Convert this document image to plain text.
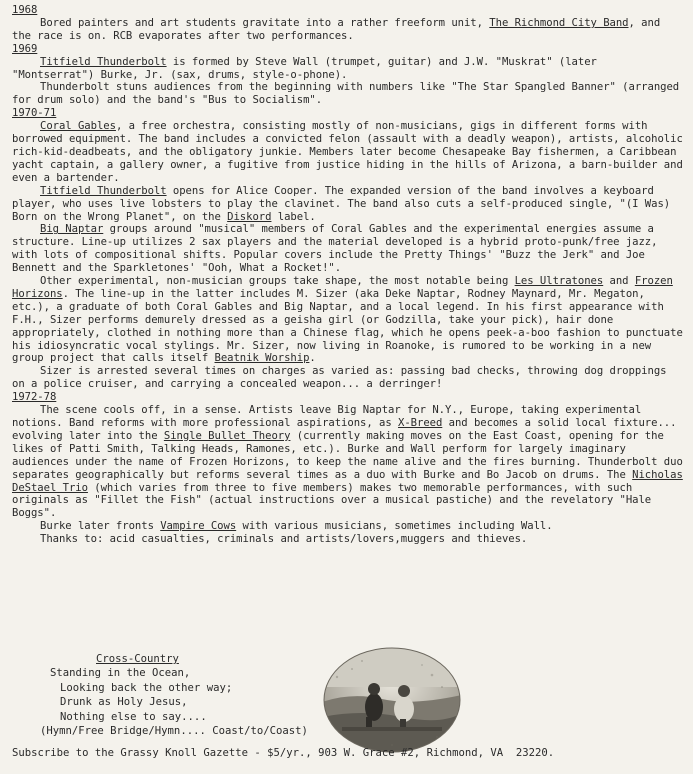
1968

Bored painters and art students gravitate into a rather freeform unit, The Richmond City Band, and the race is on. RCB evaporates after two performances.

1969

Titfield Thunderbolt is formed by Steve Wall (trumpet, guitar) and J.W. "Muskrat" (later "Montserrat") Burke, Jr. (sax, drums, style-o-phone).

Thunderbolt stuns audiences from the beginning with numbers like "The Star Spangled Banner" (arranged for drum solo) and the band's "Bus to Socialism".

1970-71

Coral Gables, a free orchestra, consisting mostly of non-musicians, gigs in different forms with borrowed equipment. The band includes a convicted felon (assault with a deadly weapon), artists, alcoholic rich-kid-deadbeats, and the obligatory junkie. Members later become Chesapeake Bay fishermen, a Caribbean yacht captain, a gallery owner, a fugitive from justice hiding in the hills of Arizona, a barn-builder and even a bartender.

Titfield Thunderbolt opens for Alice Cooper. The expanded version of the band involves a keyboard player, who uses live lobsters to play the clavinet. The band also cuts a self-produced single, "(I Was) Born on the Wrong Planet", on the Diskord label.

Big Naptar groups around "musical" members of Coral Gables and the experimental energies assume a structure. Line-up utilizes 2 sax players and the material developed is a hybrid proto-punk/free jazz, with lots of compositional shifts. Popular covers include the Pretty Things' "Buzz the Jerk" and Joe Bennett and the Sparkletones' "Ooh, What a Rocket!".

Other experimental, non-musician groups take shape, the most notable being Les Ultratones and Frozen Horizons. The line-up in the latter includes M. Sizer (aka Deke Naptar, Rodney Maynard, Mr. Megaton, etc.), a graduate of both Coral Gables and Big Naptar, and a local legend. In his first appearance with F.H., Sizer performs demurely dressed as a geisha girl (or Godzilla, take your pick), hair done appropriately, clothed in nothing more than a Chinese flag, which he opens peek-a-boo fashion to punctuate his idiosyncratic vocal stylings. Mr. Sizer, now living in Roanoke, is rumored to be working in a new group project that calls itself Beatnik Worship.

Sizer is arrested several times on charges as varied as: passing bad checks, throwing dog droppings on a police cruiser, and carrying a concealed weapon... a derringer!

1972-78

The scene cools off, in a sense. Artists leave Big Naptar for N.Y., Europe, taking experimental notions. Band reforms with more professional aspirations, as X-Breed and becomes a solid local fixture... evolving later into the Single Bullet Theory (currently making moves on the East Coast, opening for the likes of Patti Smith, Talking Heads, Ramones, etc.). Burke and Wall perform for largely imaginary audiences under the name of Frozen Horizons, to keep the name alive and the fires burning. Thunderbolt duo separates geographically but reforms several times as a duo with Burke and Bo Jacob on drums. The Nicholas DeStael Trio (which varies from three to five members) makes two memorable performances, with such originals as "Fillet the Fish" (actual instructions over a musical pastiche) and the revelatory "Hale Boggs".

Burke later fronts Vampire Cows with various musicians, sometimes including Wall.

Thanks to: acid casualties, criminals and artists/lovers,muggers and thieves.

Cross-Country
Standing in the Ocean,
Looking back the other way;
Drunk as Holy Jesus,
Nothing else to say....
(Hymn/Free Bridge/Hymn.... Coast/to/Coast)
Subscribe to the Grassy Knoll Gazette - $5/yr., 903 W. Grace #2, Richmond, VA  23220.
